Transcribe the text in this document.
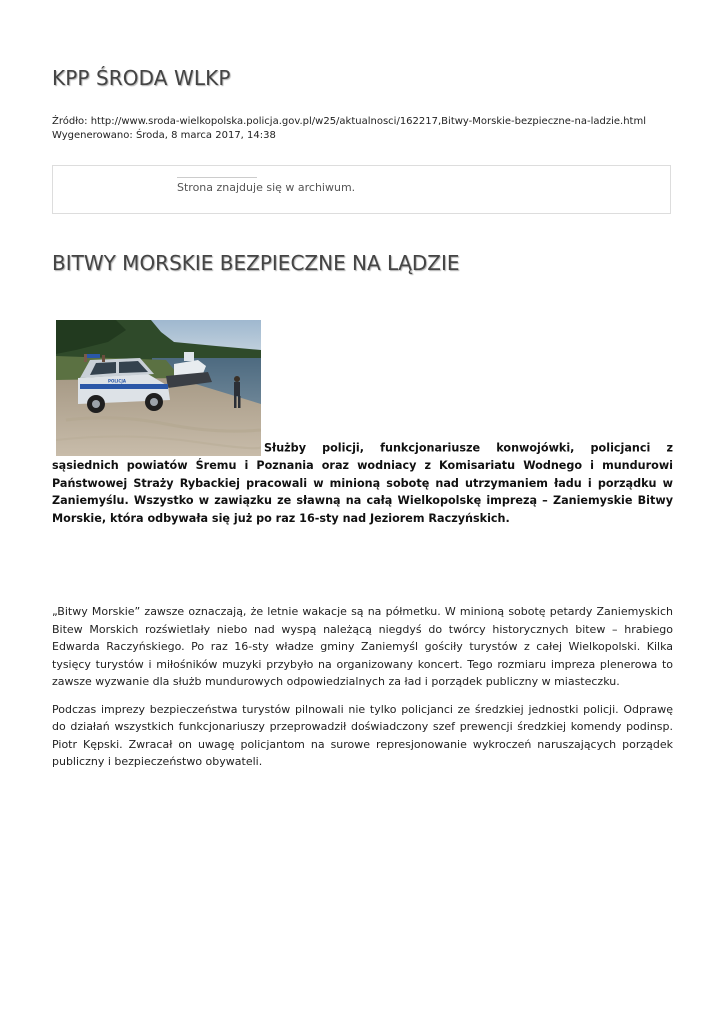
KPP ŚRODA WLKP
Źródło: http://www.sroda-wielkopolska.policja.gov.pl/w25/aktualnosci/162217,Bitwy-Morskie-bezpieczne-na-ladzie.html
Wygenerowano: Środa, 8 marca 2017, 14:38
Strona znajduje się w archiwum.
BITWY MORSKIE BEZPIECZNE NA LĄDZIE
POLICJA
Służby policji, funkcjonariusze konwojówki, policjanci z sąsiednich powiatów Śremu i Poznania oraz wodniacy z Komisariatu Wodnego i mundurowi Państwowej Straży Rybackiej pracowali w minioną sobotę nad utrzymaniem ładu i porządku w Zaniemyślu. Wszystko w zawiązku ze sławną na całą Wielkopolskę imprezą – Zaniemyskie Bitwy Morskie, która odbywała się już po raz 16-sty nad Jeziorem Raczyńskich.

„Bitwy Morskie” zawsze oznaczają, że letnie wakacje są na półmetku. W minioną sobotę petardy Zaniemyskich Bitew Morskich rozświetlały niebo nad wyspą należącą niegdyś do twórcy historycznych bitew – hrabiego Edwarda Raczyńskiego. Po raz 16-sty władze gminy Zaniemyśl gościły turystów z całej Wielkopolski. Kilka tysięcy turystów i miłośników muzyki przybyło na organizowany koncert. Tego rozmiaru impreza plenerowa to zawsze wyzwanie dla służb mundurowych odpowiedzialnych za ład i porządek publiczny w miasteczku.

Podczas imprezy bezpieczeństwa turystów pilnowali nie tylko policjanci ze średzkiej jednostki policji. Odprawę do działań wszystkich funkcjonariuszy przeprowadził doświadczony szef prewencji średzkiej komendy podinsp. Piotr Kępski. Zwracał on uwagę policjantom na surowe represjonowanie wykroczeń naruszających porządek publiczny i bezpieczeństwo obywateli.
